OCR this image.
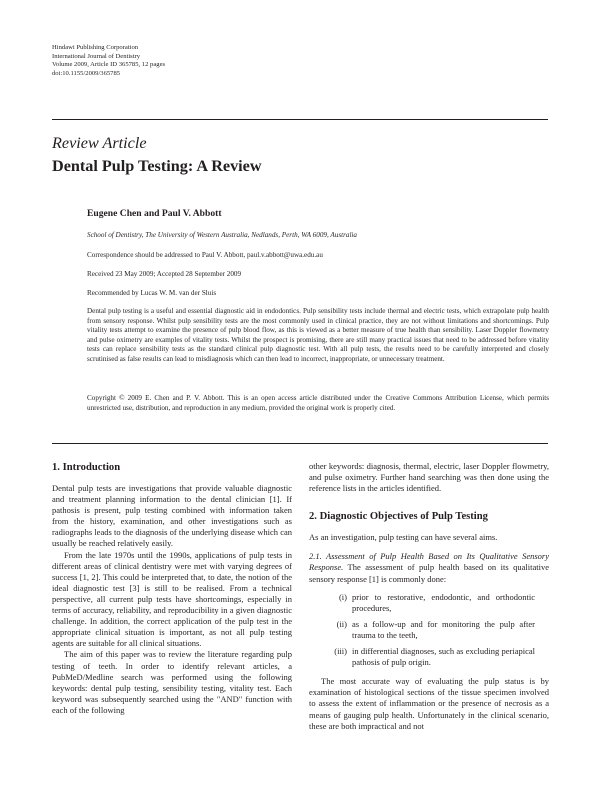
Hindawi Publishing Corporation
International Journal of Dentistry
Volume 2009, Article ID 365785, 12 pages
doi:10.1155/2009/365785
Review Article
Dental Pulp Testing: A Review
Eugene Chen and Paul V. Abbott
School of Dentistry, The University of Western Australia, Nedlands, Perth, WA 6009, Australia
Correspondence should be addressed to Paul V. Abbott, paul.v.abbott@uwa.edu.au
Received 23 May 2009; Accepted 28 September 2009
Recommended by Lucas W. M. van der Sluis
Dental pulp testing is a useful and essential diagnostic aid in endodontics. Pulp sensibility tests include thermal and electric tests, which extrapolate pulp health from sensory response. Whilst pulp sensibility tests are the most commonly used in clinical practice, they are not without limitations and shortcomings. Pulp vitality tests attempt to examine the presence of pulp blood flow, as this is viewed as a better measure of true health than sensibility. Laser Doppler flowmetry and pulse oximetry are examples of vitality tests. Whilst the prospect is promising, there are still many practical issues that need to be addressed before vitality tests can replace sensibility tests as the standard clinical pulp diagnostic test. With all pulp tests, the results need to be carefully interpreted and closely scrutinised as false results can lead to misdiagnosis which can then lead to incorrect, inappropriate, or unnecessary treatment.
Copyright © 2009 E. Chen and P. V. Abbott. This is an open access article distributed under the Creative Commons Attribution License, which permits unrestricted use, distribution, and reproduction in any medium, provided the original work is properly cited.
1. Introduction

Dental pulp tests are investigations that provide valuable diagnostic and treatment planning information to the dental clinician [1]. If pathosis is present, pulp testing combined with information taken from the history, examination, and other investigations such as radiographs leads to the diagnosis of the underlying disease which can usually be reached relatively easily.

From the late 1970s until the 1990s, applications of pulp tests in different areas of clinical dentistry were met with varying degrees of success [1, 2]. This could be interpreted that, to date, the notion of the ideal diagnostic test [3] is still to be realised. From a technical perspective, all current pulp tests have shortcomings, especially in terms of accuracy, reliability, and reproducibility in a given diagnostic challenge. In addition, the correct application of the pulp test in the appropriate clinical situation is important, as not all pulp testing agents are suitable for all clinical situations.

The aim of this paper was to review the literature regarding pulp testing of teeth. In order to identify relevant articles, a PubMeD/Medline search was performed using the following keywords: dental pulp testing, sensibility testing, vitality test. Each keyword was subsequently searched using the "AND" function with each of the following

other keywords: diagnosis, thermal, electric, laser Doppler flowmetry, and pulse oximetry. Further hand searching was then done using the reference lists in the articles identified.

2. Diagnostic Objectives of Pulp Testing

As an investigation, pulp testing can have several aims.

2.1. Assessment of Pulp Health Based on Its Qualitative Sensory Response. The assessment of pulp health based on its qualitative sensory response [1] is commonly done:

(i) prior to restorative, endodontic, and orthodontic procedures,
(ii) as a follow-up and for monitoring the pulp after trauma to the teeth,
(iii) in differential diagnoses, such as excluding periapical pathosis of pulp origin.

The most accurate way of evaluating the pulp status is by examination of histological sections of the tissue specimen involved to assess the extent of inflammation or the presence of necrosis as a means of gauging pulp health. Unfortunately in the clinical scenario, these are both impractical and not
